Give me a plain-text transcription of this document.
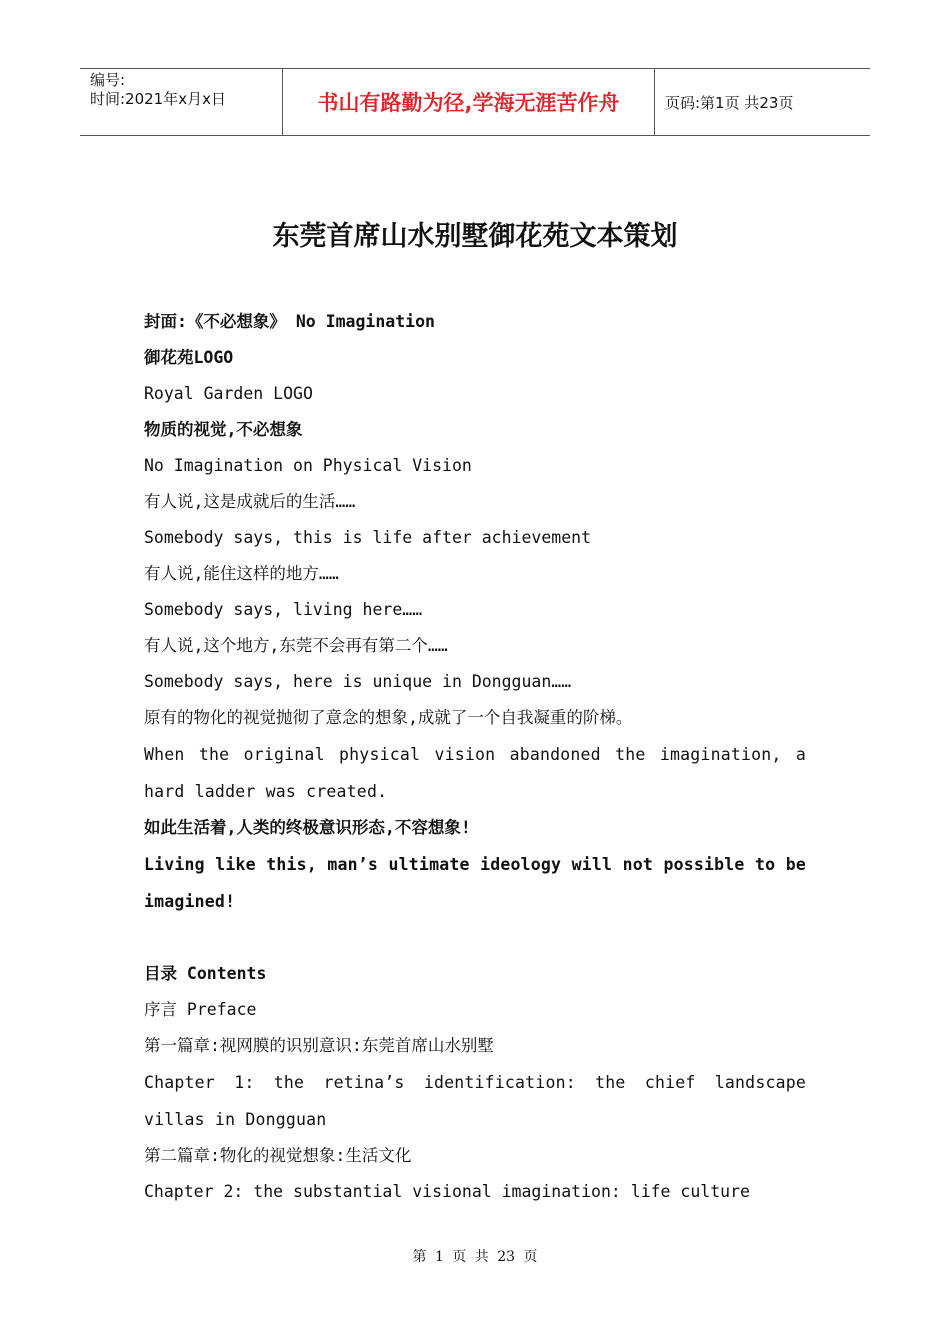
编号:
时间:2021年x月x日	书山有路勤为径,学海无涯苦作舟	页码:第1页 共23页
东莞首席山水别墅御花苑文本策划
封面:《不必想象》 No Imagination
御花苑LOGO
Royal Garden LOGO
物质的视觉,不必想象
No Imagination on Physical Vision
有人说,这是成就后的生活……
Somebody says, this is life after achievement
有人说,能住这样的地方……
Somebody says, living here……
有人说,这个地方,东莞不会再有第二个……
Somebody says, here is unique in Dongguan……
原有的物化的视觉抛彻了意念的想象,成就了一个自我凝重的阶梯。
When the original physical vision abandoned the imagination, a hard ladder was created.
如此生活着,人类的终极意识形态,不容想象!
Living like this, man’s ultimate ideology will not possible to be imagined!
目录 Contents
序言 Preface
第一篇章:视网膜的识别意识:东莞首席山水别墅
Chapter 1: the retina’s identification: the chief landscape villas in Dongguan
第二篇章:物化的视觉想象:生活文化
Chapter 2: the substantial visional imagination: life culture
第 1 页 共 23 页
